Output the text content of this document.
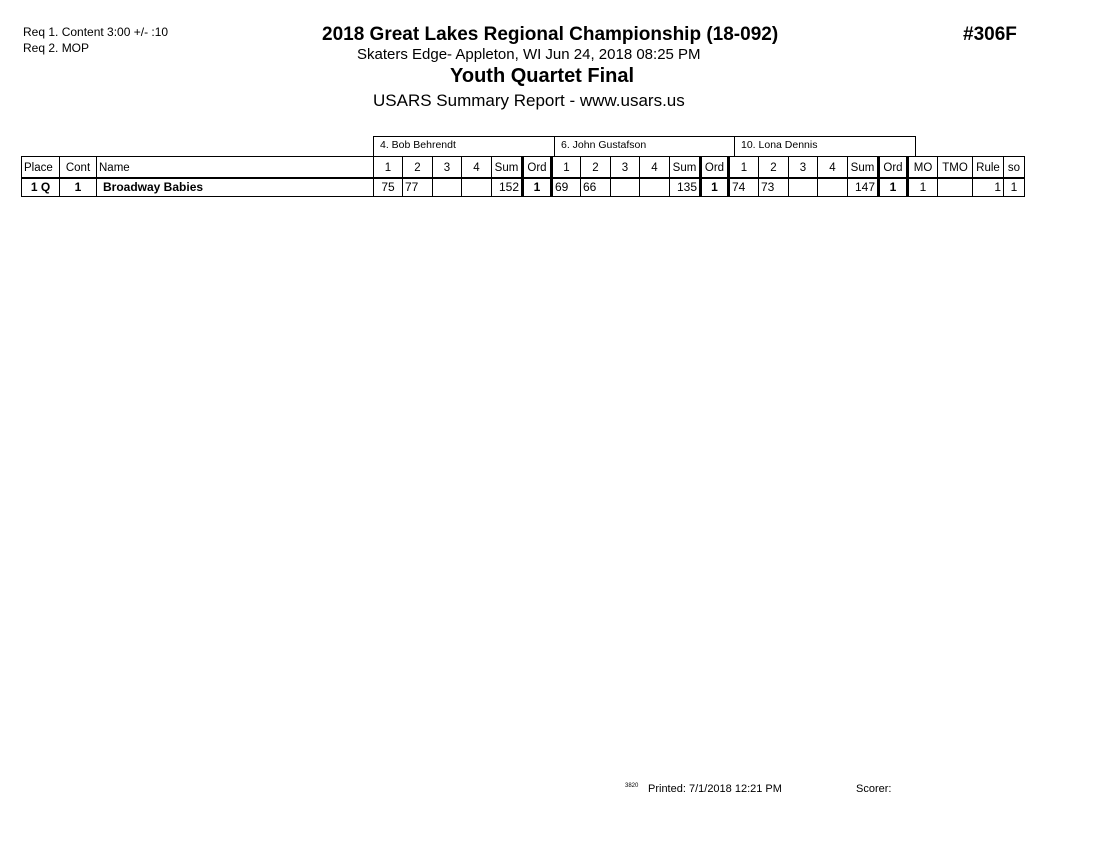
Req 1. Content 3:00 +/- :10
Req 2. MOP
2018 Great Lakes Regional Championship (18-092)	#306F
Skaters Edge- Appleton, WI Jun 24, 2018 08:25 PM
Youth Quartet Final
USARS Summary Report - www.usars.us
4. Bob Behrendt	6. John Gustafson	10. Lona Dennis
Place	Cont	Name	1	2	3	4	Sum	Ord	1	2	3	4	Sum	Ord	1	2	3	4	Sum	Ord	MO	TMO	Rule	so
1 Q	1	Broadway Babies	75	77			152	1	69	66			135	1	74	73			147	1	1		1	1
3820 Printed: 7/1/2018 12:21 PM	Scorer:
